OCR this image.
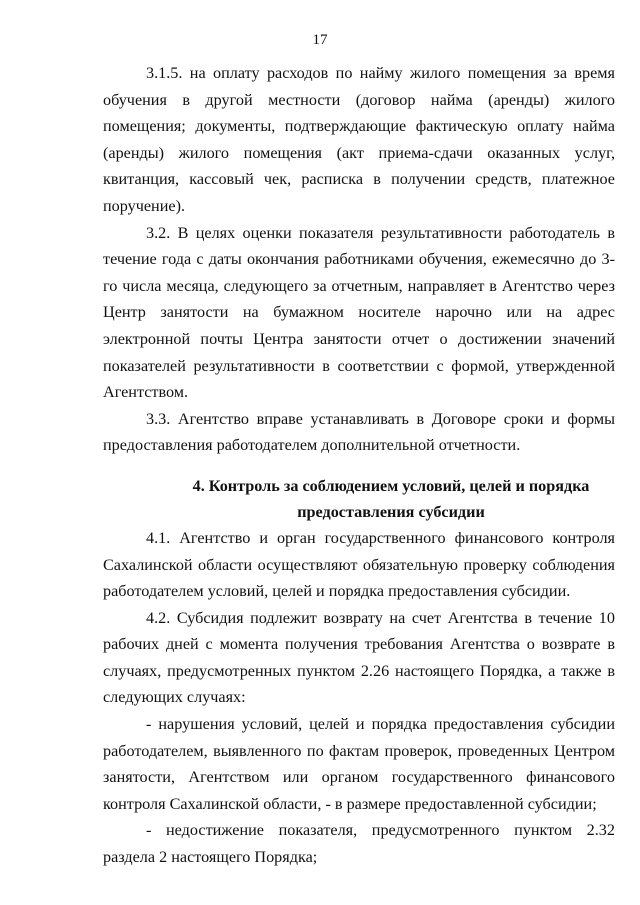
17

3.1.5. на оплату расходов по найму жилого помещения за время обучения в другой местности (договор найма (аренды) жилого помещения; документы, подтверждающие фактическую оплату найма (аренды) жилого помещения (акт приема-сдачи оказанных услуг, квитанция, кассовый чек, расписка в получении средств, платежное поручение).

3.2. В целях оценки показателя результативности работодатель в течение года с даты окончания работниками обучения, ежемесячно до 3-го числа месяца, следующего за отчетным, направляет в Агентство через Центр занятости на бумажном носителе нарочно или на адрес электронной почты Центра занятости отчет о достижении значений показателей результативности в соответствии с формой, утвержденной Агентством.

3.3. Агентство вправе устанавливать в Договоре сроки и формы предоставления работодателем дополнительной отчетности.

4. Контроль за соблюдением условий, целей и порядка
предоставления субсидии

4.1. Агентство и орган государственного финансового контроля Сахалинской области осуществляют обязательную проверку соблюдения работодателем условий, целей и порядка предоставления субсидии.

4.2. Субсидия подлежит возврату на счет Агентства в течение 10 рабочих дней с момента получения требования Агентства о возврате в случаях, предусмотренных пунктом 2.26 настоящего Порядка, а также в следующих случаях:

- нарушения условий, целей и порядка предоставления субсидии работодателем, выявленного по фактам проверок, проведенных Центром занятости, Агентством или органом государственного финансового контроля Сахалинской области, - в размере предоставленной субсидии;

- недостижение показателя, предусмотренного пунктом 2.32 раздела 2 настоящего Порядка;
